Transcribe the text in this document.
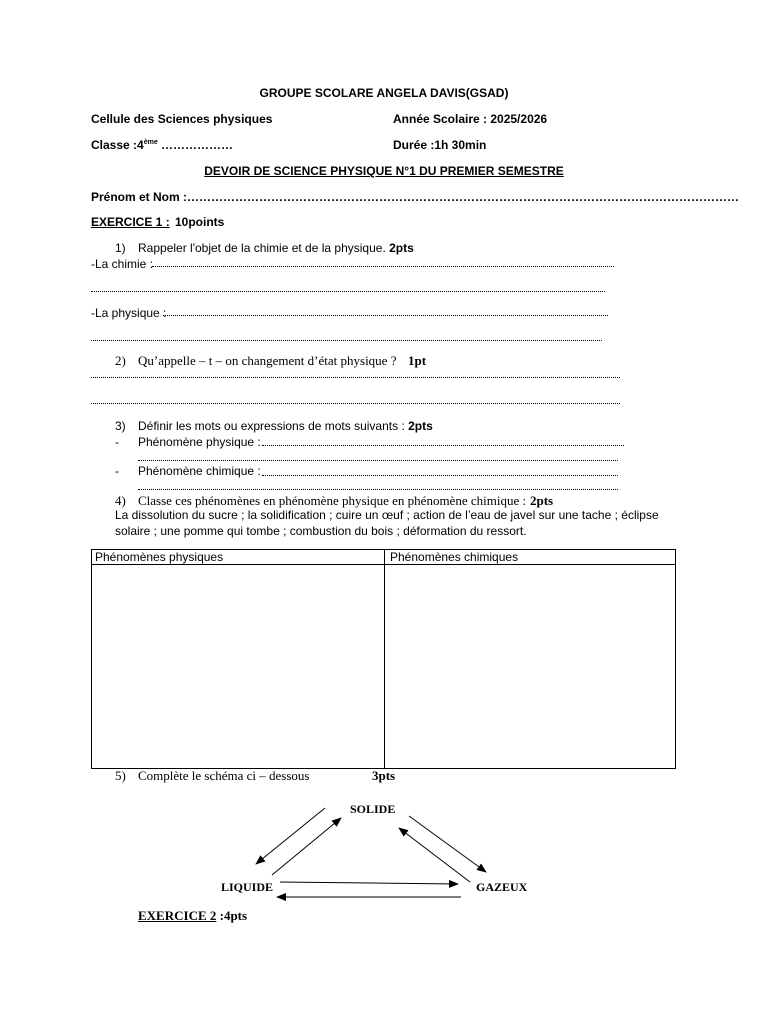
GROUPE SCOLARE ANGELA DAVIS(GSAD)
Cellule des Sciences physiques	Année Scolaire : 2025/2026
Classe :4ème ………………	Durée :1h 30min
DEVOIR DE SCIENCE PHYSIQUE N°1 DU PREMIER SEMESTRE
Prénom et Nom :…………………………………………………………………………………………………………………………
EXERCICE 1 : 10points
1) Rappeler l'objet de la chimie et de la physique. 2pts
-La chimie :
-La physique :
2) Qu’appelle – t – on changement d’état physique ? 1pt
3) Définir les mots ou expressions de mots suivants : 2pts
- Phénomène physique :
- Phénomène chimique :
4) Classe ces phénomènes en phénomène physique en phénomène chimique : 2pts
La dissolution du sucre ; la solidification ; cuire un œuf ; action de l’eau de javel sur une tache ; éclipse
solaire ; une pomme qui tombe ; combustion du bois ; déformation du ressort.
Phénomènes physiques	Phénomènes chimiques
5) Complète le schéma ci – dessous	3pts
SOLIDE
LIQUIDE	GAZEUX
EXERCICE 2 :4pts
